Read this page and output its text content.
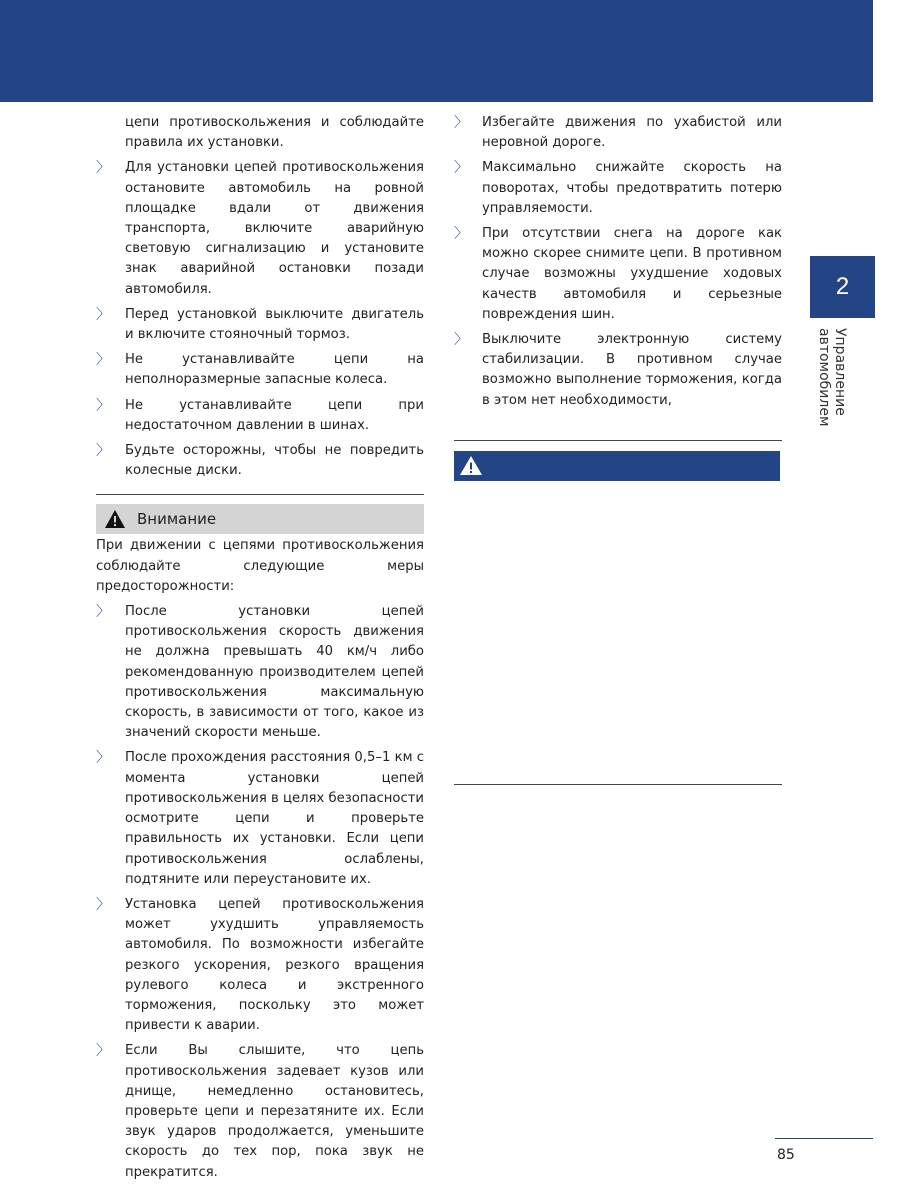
цепи противоскольжения и соблюдайте правила их установки.

〉 Для установки цепей противоскольжения остановите автомобиль на ровной площадке вдали от движения транспорта, включите аварийную световую сигнализацию и установите знак аварийной остановки позади автомобиля.
〉 Перед установкой выключите двигатель и включите стояночный тормоз.
〉 Не устанавливайте цепи на неполноразмерные запасные колеса.
〉 Не устанавливайте цепи при недостаточном давлении в шинах.
〉 Будьте осторожны, чтобы не повредить колесные диски.
Внимание

При движении с цепями противоскольжения соблюдайте следующие меры предосторожности:

〉 После установки цепей противоскольжения скорость движения не должна превышать 40 км/ч либо рекомендованную производителем цепей противоскольжения максимальную скорость, в зависимости от того, какое из значений скорости меньше.
〉 После прохождения расстояния 0,5–1 км с момента установки цепей противоскольжения в целях безопасности осмотрите цепи и проверьте правильность их установки. Если цепи противоскольжения ослаблены, подтяните или переустановите их.
〉 Установка цепей противоскольжения может ухудшить управляемость автомобиля. По возможности избегайте резкого ускорения, резкого вращения рулевого колеса и экстренного торможения, поскольку это может привести к аварии.
〉 Если Вы слышите, что цепь противоскольжения задевает кузов или днище, немедленно остановитесь, проверьте цепи и перезатяните их. Если звук ударов продолжается, уменьшите скорость до тех пор, пока звук не прекратится.
〉 Избегайте движения по ухабистой или неровной дороге.
〉 Максимально снижайте скорость на поворотах, чтобы предотвратить потерю управляемости.
〉 При отсутствии снега на дороге как можно скорее снимите цепи. В противном случае возможны ухудшение ходовых качеств автомобиля и серьезные повреждения шин.
〉 Выключите электронную систему стабилизации. В противном случае возможно выполнение торможения, когда в этом нет необходимости,
2
Управление
автомобилем
85
